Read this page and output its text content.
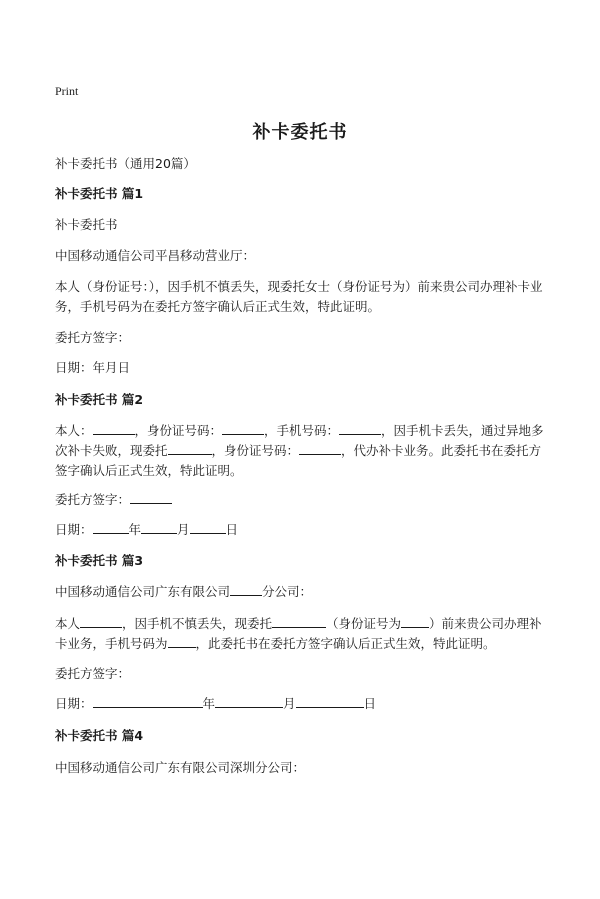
Print
补卡委托书
补卡委托书（通用20篇）
补卡委托书 篇1
补卡委托书
中国移动通信公司平昌移动营业厅：
本人（身份证号：），因手机不慎丢失，现委托女士（身份证号为）前来贵公司办理补卡业务，手机号码为在委托方签字确认后正式生效，特此证明。
委托方签字：
日期：年月日
补卡委托书 篇2
本人：	，身份证号码：	，手机号码：	，因手机卡丢失，通过异地多次补卡失败，现委托	，身份证号码：	，代办补卡业务。此委托书在委托方签字确认后正式生效，特此证明。
委托方签字：
日期：	年	月	日
补卡委托书 篇3
中国移动通信公司广东有限公司	分公司：
本人	，因手机不慎丢失，现委托	（身份证号为 ）前来贵公司办理补卡业务，手机号码为 ，此委托书在委托方签字确认后正式生效，特此证明。
委托方签字：
日期：	年	月	日
补卡委托书 篇4
中国移动通信公司广东有限公司深圳分公司：
